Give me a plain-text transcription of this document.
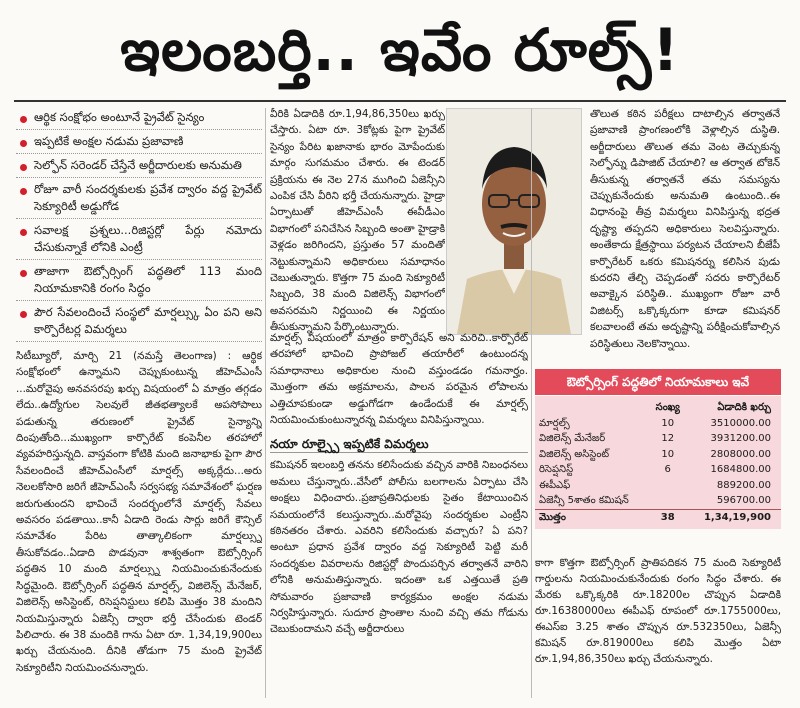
ఇలంబర్తి.. ఇవేం రూల్స్!
ఆర్థిక సంక్షోభం అంటూనే ప్రైవేట్ సైన్యం
ఇప్పటికే అంక్షల నడుమ ప్రజావాణి
సెల్ఫోన్ సరెండర్ చేస్తేనే అర్జీదారులకు అనుమతి
రోజూ వారీ సందర్శకులకు ప్రవేశ ద్వారం వద్ద ప్రైవేట్ సెక్యూరిటీ అడ్డుగోడ
సవాలక్ష ప్రశ్నలు...రిజిస్టర్లో పేర్లు నమోదు చేసుకున్నాకే లోనికి ఎంట్రీ
తాజాగా ఔట్సోర్సింగ్ పద్ధతిలో 113 మంది నియామకానికి రంగం సిద్ధం
పౌర సేవలందించే సంస్థలో మార్షల్స్కు ఏం పని అని కార్పొరేటర్ల విమర్శలు

సిటీబ్యూరో, మార్చి 21 (నమస్తే తెలంగాణ) : ఆర్థిక సంక్షోభంలో ఉన్నామని చెప్పుకుంటున్న జీహెచ్ఎంసీ ...మరోవైపు అనవసరపు ఖర్చు విషయంలో ఏ మాత్రం తగ్గడం లేదు..ఉద్యోగుల సెలవులే జీతభత్యాలకే అపసోపాలు పడుతున్న తరుణంలో ప్రైవేట్ సైన్యాన్ని దింపుతోంది...ముఖ్యంగా కార్పొరేట్ కంపెనీల తరహాలో వ్యవహరిస్తున్నది. వాస్తవంగా కోటికి మంది జనాభాకు పైగా పౌర సేవలందించే జీహెచ్ఎంసీలో మార్షల్స్ అక్కర్లేదు...అరు నెలలకోసారి జరిగే జీహెచ్ఎంసీ సర్వసభ్య సమావేశంలో ఘర్షణ జరుగుతుందని భావించే సందర్భంలోనే మార్షల్స్ సేవలు అవసరం పడతాయి..కానీ ఏడాది రెండు సార్లు జరిగే కౌన్సిల్ సమావేశం పేరిట తాత్కాలికంగా మార్షల్స్ను తీసుకోవడం..ఏడాది పొడవునా శాశ్వతంగా ఔట్సోర్సింగ్ పద్ధతిన 10 మంది మార్షల్స్ను నియమించుకునేందుకు సిద్ధమైంది. ఔట్సోర్సింగ్ పద్ధతిన మార్షల్స్, విజిలెన్స్ మేనేజర్, విజిలెన్స్ అసిస్టెంట్, రిసెప్షనిస్టులు కలిపి మొత్తం 38 మందిని నియమిస్తున్నారు ఏజెన్సీ ద్వారా భర్తీ చేసేందుకు టెండర్ పిలిచారు. ఈ 38 మందికి గాను ఏటా రూ. 1,34,19,900లు ఖర్చు చేయనుంది. దీనికి తోడుగా 75 మంది ప్రైవేట్ సెక్యూరిటీని నియమించనున్నారు.

వీరికి ఏడాదికి రూ.1,94,86,350లు ఖర్చు చేస్తారు. ఏటా రూ. 3కోట్లకు పైగా ప్రైవేట్ సైన్యం పేరిట ఖజానాకు భారం మోపేందుకు మార్గం సుగమమం చేశారు. ఈ టెండర్ ప్రక్రియను ఈ నెల 27న ముగించి ఏజెన్సీని ఎంపిక చేసి వీరిని భర్తీ చేయనున్నారు. హైడ్రా ఏర్పాటుతో జీహెచ్ఎంసీ ఈవీడీఎం విభాగంలో పనిచేసిన సిబ్బంది అంతా హైడ్రాకి వెళ్లడం జరిగిందని, ప్రస్తుతం 57 మందితో నెట్టుకున్నామని అధికారులు సమాధానం చెబుతున్నారు. కొత్తగా 75 మంది సెక్యూరిటీ సిబ్బంది, 38 మంది విజిలెన్స్ విభాగంలో అవసరమని నిర్ణయించి ఈ నిర్ణయం తీసుకున్నామని పేర్కొంటున్నారు.

మార్షల్స్ విషయంలో మాత్రం కార్పొరేషన్ అని మరిచి..కార్పొరేట్ తరహాలో భావించి ప్రాపోజల్ తయారీలో ఉంటుందన్న సమాధానాలు అధికారుల నుంచి వస్తుండడం గమనార్హం. మొత్తంగా తమ అక్రమాలను, పాలన పరమైన లోపాలను ఎత్తిచూపకుండా అడ్డుగోడగా ఉండేందుకే ఈ మార్షల్స్ నియమించుకుంటున్నారన్న విమర్శలు వినిపిస్తున్నాయి.

నయా రూల్స్పై ఇప్పటికే విమర్శలు

కమిషనర్ ఇలంబర్తి తనను కలిసేందుకు వచ్చిన వారికి నిబంధనలు అమలు చేస్తున్నారు..వేసీలో పోలీసు బలగాలను ఏర్పాటు చేసి అంక్షలు విధించారు..ప్రజాప్రతినిధులకు సైతం కేటాయించిన సమయంలోనే కలుస్తున్నారు..మరోవైపు సందర్శకుల ఎంట్రీని కఠినతరం చేశారు. ఎవరిని కలిసేందుకు వచ్చారు? ఏ పని? అంటూ ప్రధాన ప్రవేశ ద్వారం వద్ద సెక్యూరిటీ పెట్టి మరీ సందర్శకుల వివరాలను రిజిస్టర్లో పొందుపర్చిన తర్వాతనే వారిని లోనికి అనుమతిస్తున్నారు. ఇదంతా ఒక ఎత్తయితే ప్రతి సోమవారం ప్రజావాణి కార్యక్రమం అంక్షల నడుమ నిర్వహిస్తున్నారు. సుదూర ప్రాంతాల నుంచి వచ్చి తమ గోడును చెబుకుందామని వచ్చే అర్జీదారులు

తొలుత కఠిన పరీక్షలు దాటాల్సిన తర్వాతనే ప్రజావాణి ప్రాంగణంలోకి వెళ్లాల్సిన దుస్థితి. అర్జీదారులు తొలుత తమ వెంట తెచ్చుకున్న సెల్ఫోన్ను డిపాజిట్ చేయాలి? ఆ తర్వాత టోకెన్ తీసుకున్న తర్వాతనే తమ సమస్యను చెప్పుకునేందుకు అనుమతి ఉంటుంది..ఈ విధానంపై తీవ్ర విమర్శలు వినిపిస్తున్న భద్రత దృష్ట్యా తప్పదని అధికారులు సెలవిస్తున్నారు. అంతేకాదు క్షేత్రస్థాయి పర్యటన చేయాలని బీజేపీ కార్పొరేటర్ ఒకరు కమిషనర్ను కలిసిన పుడు కుదరని తేల్చి చెప్పడంతో సదరు కార్పొరేటర్ అవాక్కైన పరిస్థితి.. ముఖ్యంగా రోజూ వారీ విజిటర్స్ ఒక్కొక్కరుగా కూడా కమిషనర్ కలవాలంటే తమ అదృష్టాన్ని పరీక్షించుకోవాల్సిన పరిస్థితులు నెలకొన్నాయి.

ఔట్సోర్సింగ్ పద్ధతిలో నియామకాలు ఇవే
	సంఖ్య	ఏడాదికి ఖర్చు
మార్షల్స్	10	3510000.00
విజిలెన్స్ మేనేజర్	12	3931200.00
విజిలెన్స్ అసిస్టెంట్	10	2808000.00
రిసెప్షనిస్ట్	6	1684800.00
ఈపీఎఫ్		889200.00
ఏజెన్సీ 5శాతం కమిషన్		596700.00
మొత్తం	38	1,34,19,900

కాగా కొత్తగా ఔట్సోర్సింగ్ ప్రాతిపదికన 75 మంది సెక్యూరిటీ గార్డులను నియమించుకునేందుకు రంగం సిద్ధం చేశారు. ఈ మేరకు ఒక్కొక్కరికి రూ.18200ల చొప్పున ఏడాదికి రూ.16380000లు ఈపీఎఫ్ రూపంలో రూ.1755000లు, ఈఎస్ఐ 3.25 శాతం చొప్పున రూ.532350లు, ఏజెన్సీ కమిషన్ రూ.819000లు కలిపి మొత్తం ఏటా రూ.1,94,86,350లు ఖర్చు చేయనున్నారు.
